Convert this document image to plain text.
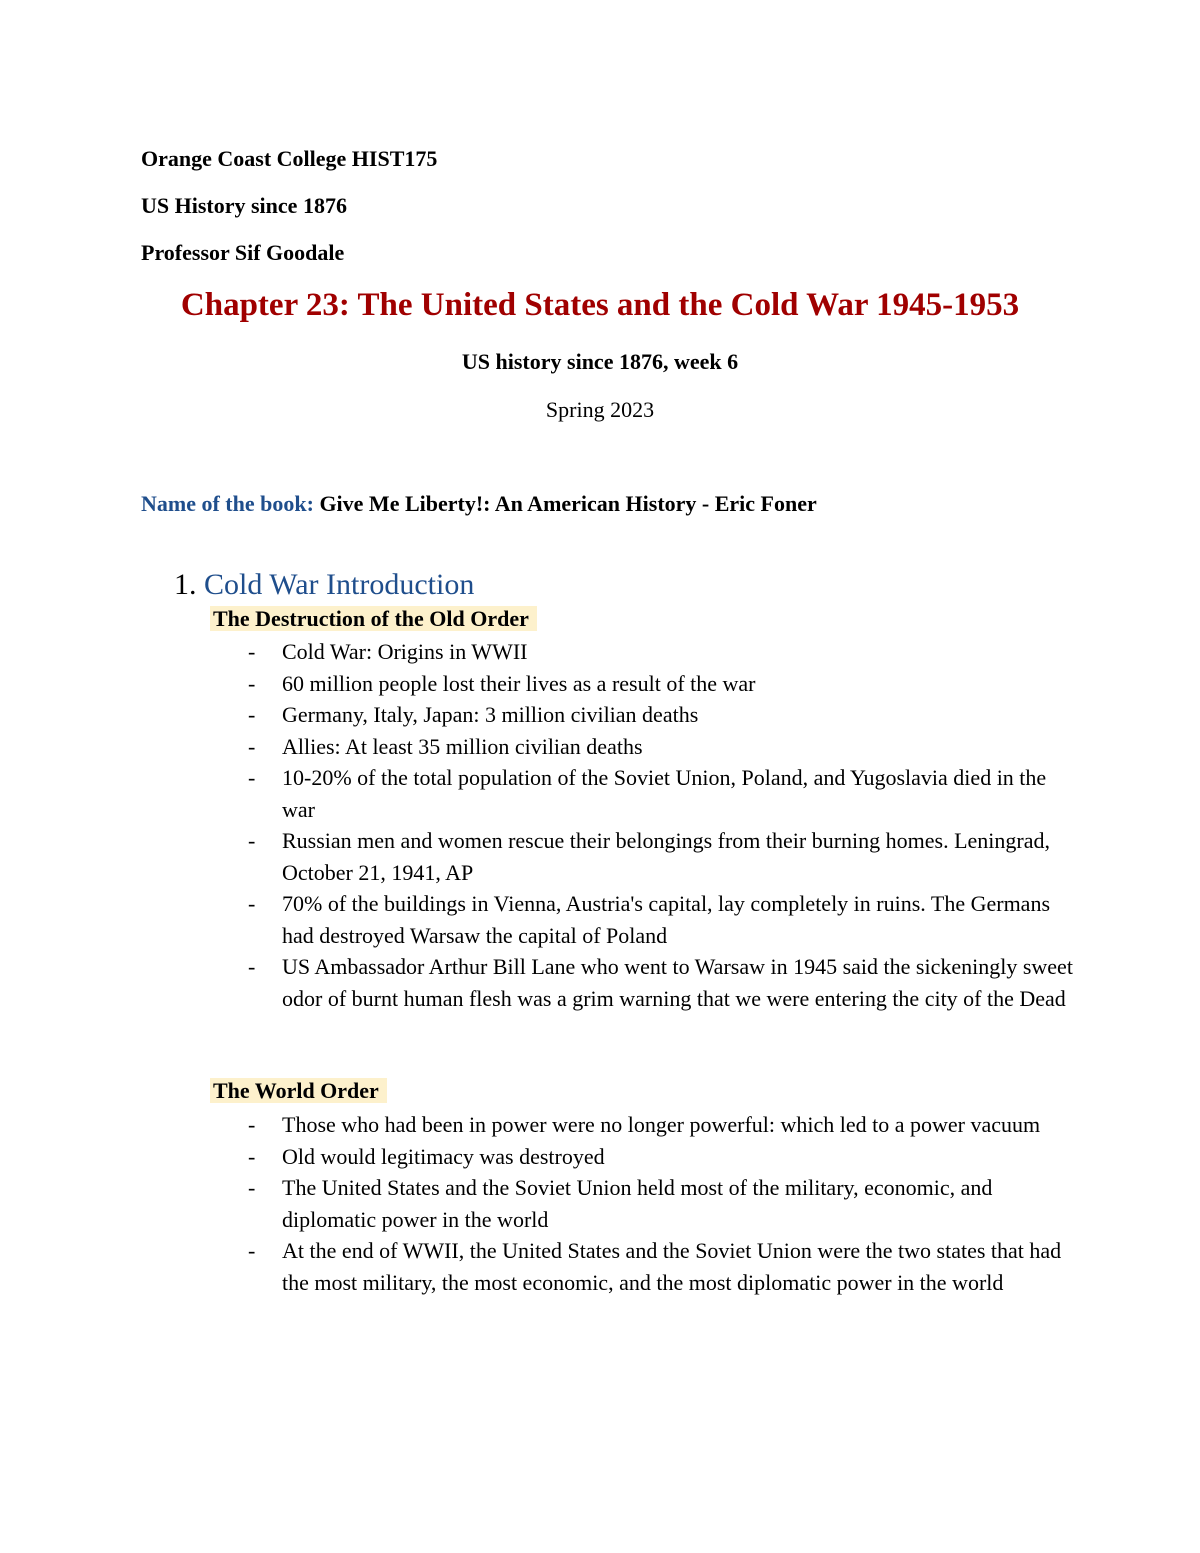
Orange Coast College HIST175
US History since 1876
Professor Sif Goodale
Chapter 23: The United States and the Cold War 1945-1953
US history since 1876, week 6
Spring 2023
Name of the book: Give Me Liberty!: An American History - Eric Foner
1. Cold War Introduction
The Destruction of the Old Order
- Cold War: Origins in WWII
- 60 million people lost their lives as a result of the war
- Germany, Italy, Japan: 3 million civilian deaths
- Allies: At least 35 million civilian deaths
- 10-20% of the total population of the Soviet Union, Poland, and Yugoslavia died in the war
- Russian men and women rescue their belongings from their burning homes. Leningrad, October 21, 1941, AP
- 70% of the buildings in Vienna, Austria's capital, lay completely in ruins. The Germans had destroyed Warsaw the capital of Poland
- US Ambassador Arthur Bill Lane who went to Warsaw in 1945 said the sickeningly sweet odor of burnt human flesh was a grim warning that we were entering the city of the Dead
The World Order
- Those who had been in power were no longer powerful: which led to a power vacuum
- Old would legitimacy was destroyed
- The United States and the Soviet Union held most of the military, economic, and diplomatic power in the world
- At the end of WWII, the United States and the Soviet Union were the two states that had the most military, the most economic, and the most diplomatic power in the world
